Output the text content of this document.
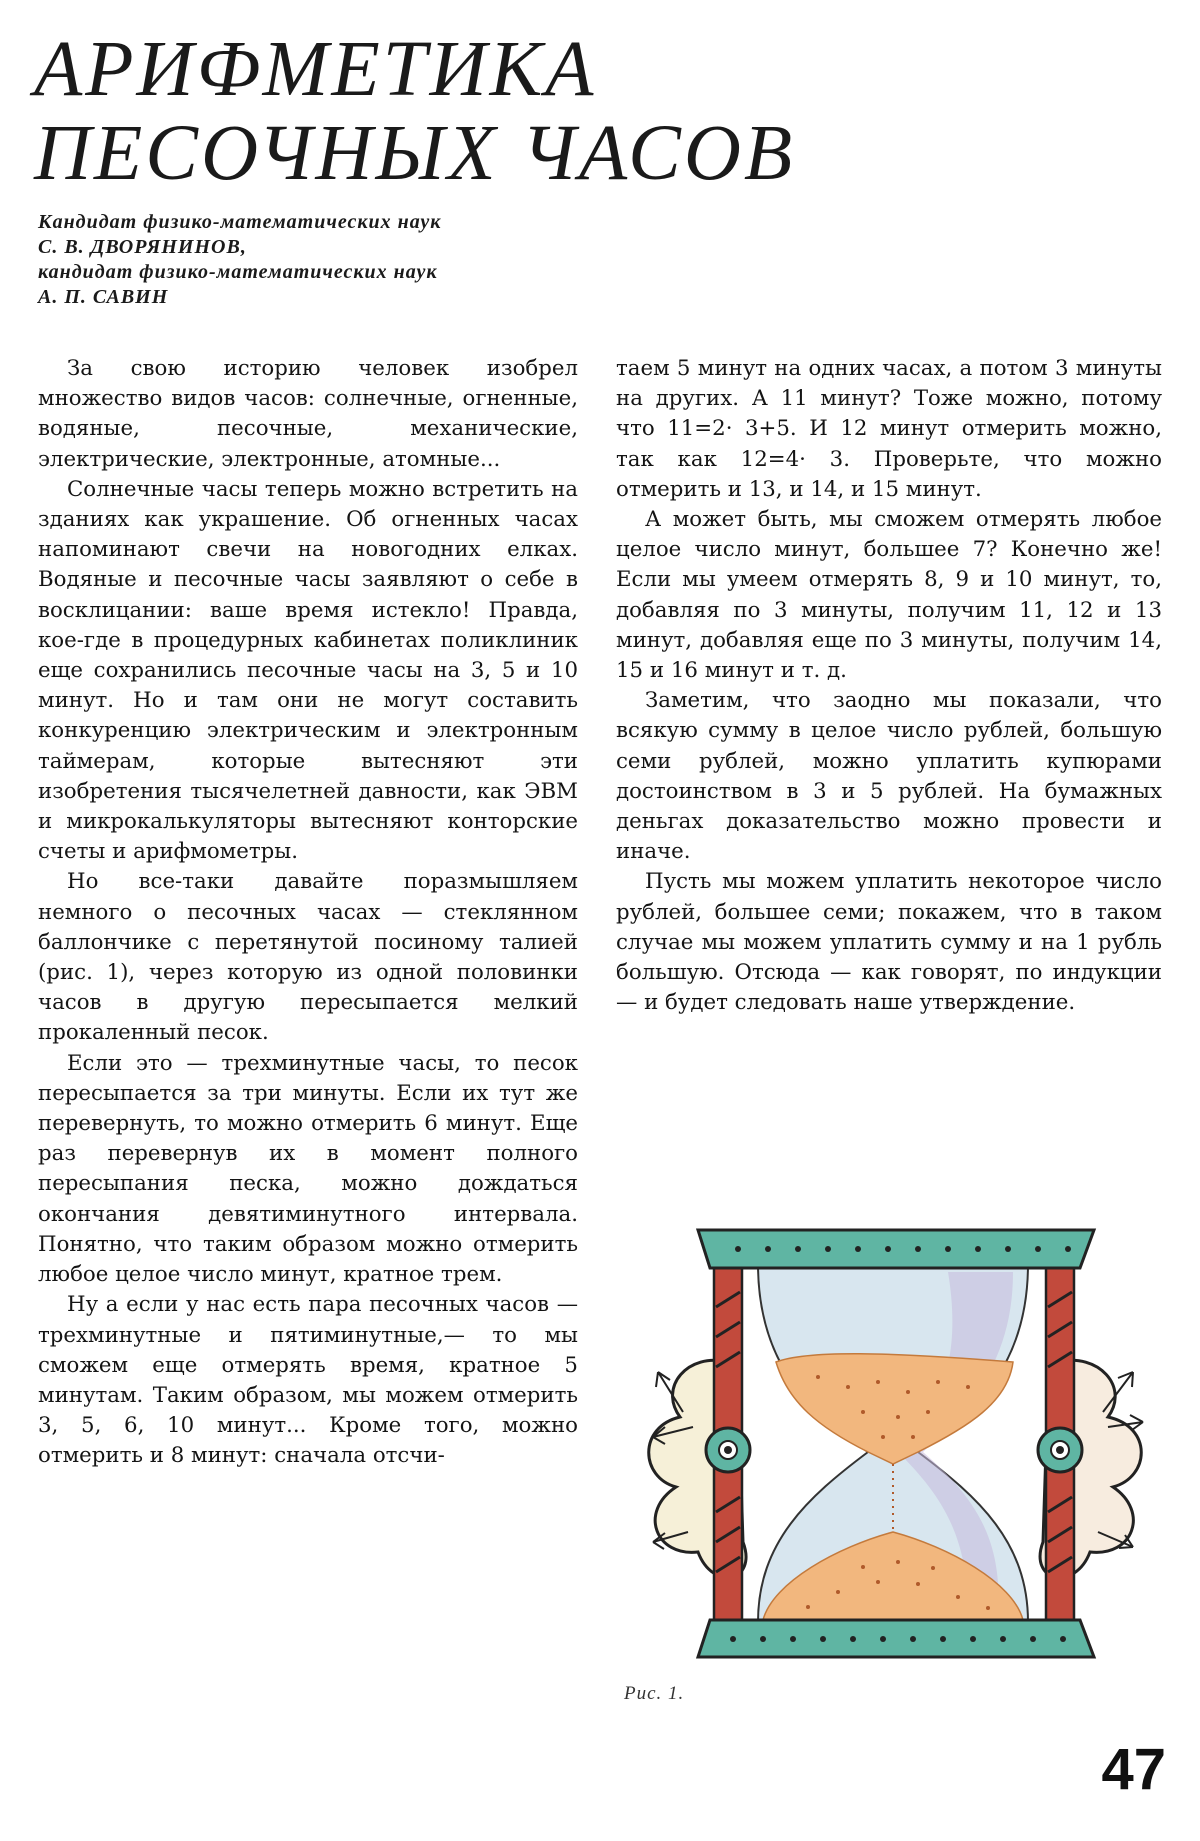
АРИФМЕТИКА
ПЕСОЧНЫХ ЧАСОВ
Кандидат физико-математических наук
С. В. ДВОРЯНИНОВ,
кандидат физико-математических наук
А. П. САВИН

За свою историю человек изобрел множество видов часов: солнечные, огненные, водяные, песочные, механические, электрические, электронные, атомные...

Солнечные часы теперь можно встретить на зданиях как украшение. Об огненных часах напоминают свечи на новогодних елках. Водяные и песочные часы заявляют о себе в восклицании: ваше время истекло! Правда, кое-где в процедурных кабинетах поликлиник еще сохранились песочные часы на 3, 5 и 10 минут. Но и там они не могут составить конкуренцию электрическим и электронным таймерам, которые вытесняют эти изобретения тысячелетней давности, как ЭВМ и микрокалькуляторы вытесняют конторские счеты и арифмометры.

Но все-таки давайте поразмышляем немного о песочных часах — стеклянном баллончике с перетянутой посиному талией (рис. 1), через которую из одной половинки часов в другую пересыпается мелкий прокаленный песок.

Если это — трехминутные часы, то песок пересыпается за три минуты. Если их тут же перевернуть, то можно отмерить 6 минут. Еще раз перевернув их в момент полного пересыпания песка, можно дождаться окончания девятиминутного интервала. Понятно, что таким образом можно отмерить любое целое число минут, кратное трем.

Ну а если у нас есть пара песочных часов — трехминутные и пятиминутные,— то мы сможем еще отмерять время, кратное 5 минутам. Таким образом, мы можем отмерить 3, 5, 6, 10 минут... Кроме того, можно отмерить и 8 минут: сначала отсчи-

таем 5 минут на одних часах, а потом 3 минуты на других. А 11 минут? Тоже можно, потому что 11=2· 3+5. И 12 минут отмерить можно, так как 12=4· 3. Проверьте, что можно отмерить и 13, и 14, и 15 минут.

А может быть, мы сможем отмерять любое целое число минут, большее 7? Конечно же! Если мы умеем отмерять 8, 9 и 10 минут, то, добавляя по 3 минуты, получим 11, 12 и 13 минут, добавляя еще по 3 минуты, получим 14, 15 и 16 минут и т. д.

Заметим, что заодно мы показали, что всякую сумму в целое число рублей, большую семи рублей, можно уплатить купюрами достоинством в 3 и 5 рублей. На бумажных деньгах доказательство можно провести и иначе.

Пусть мы можем уплатить некоторое число рублей, большее семи; покажем, что в таком случае мы можем уплатить сумму и на 1 рубль большую. Отсюда — как говорят, по индукции — и будет следовать наше утверждение.

Рис. 1.
47
